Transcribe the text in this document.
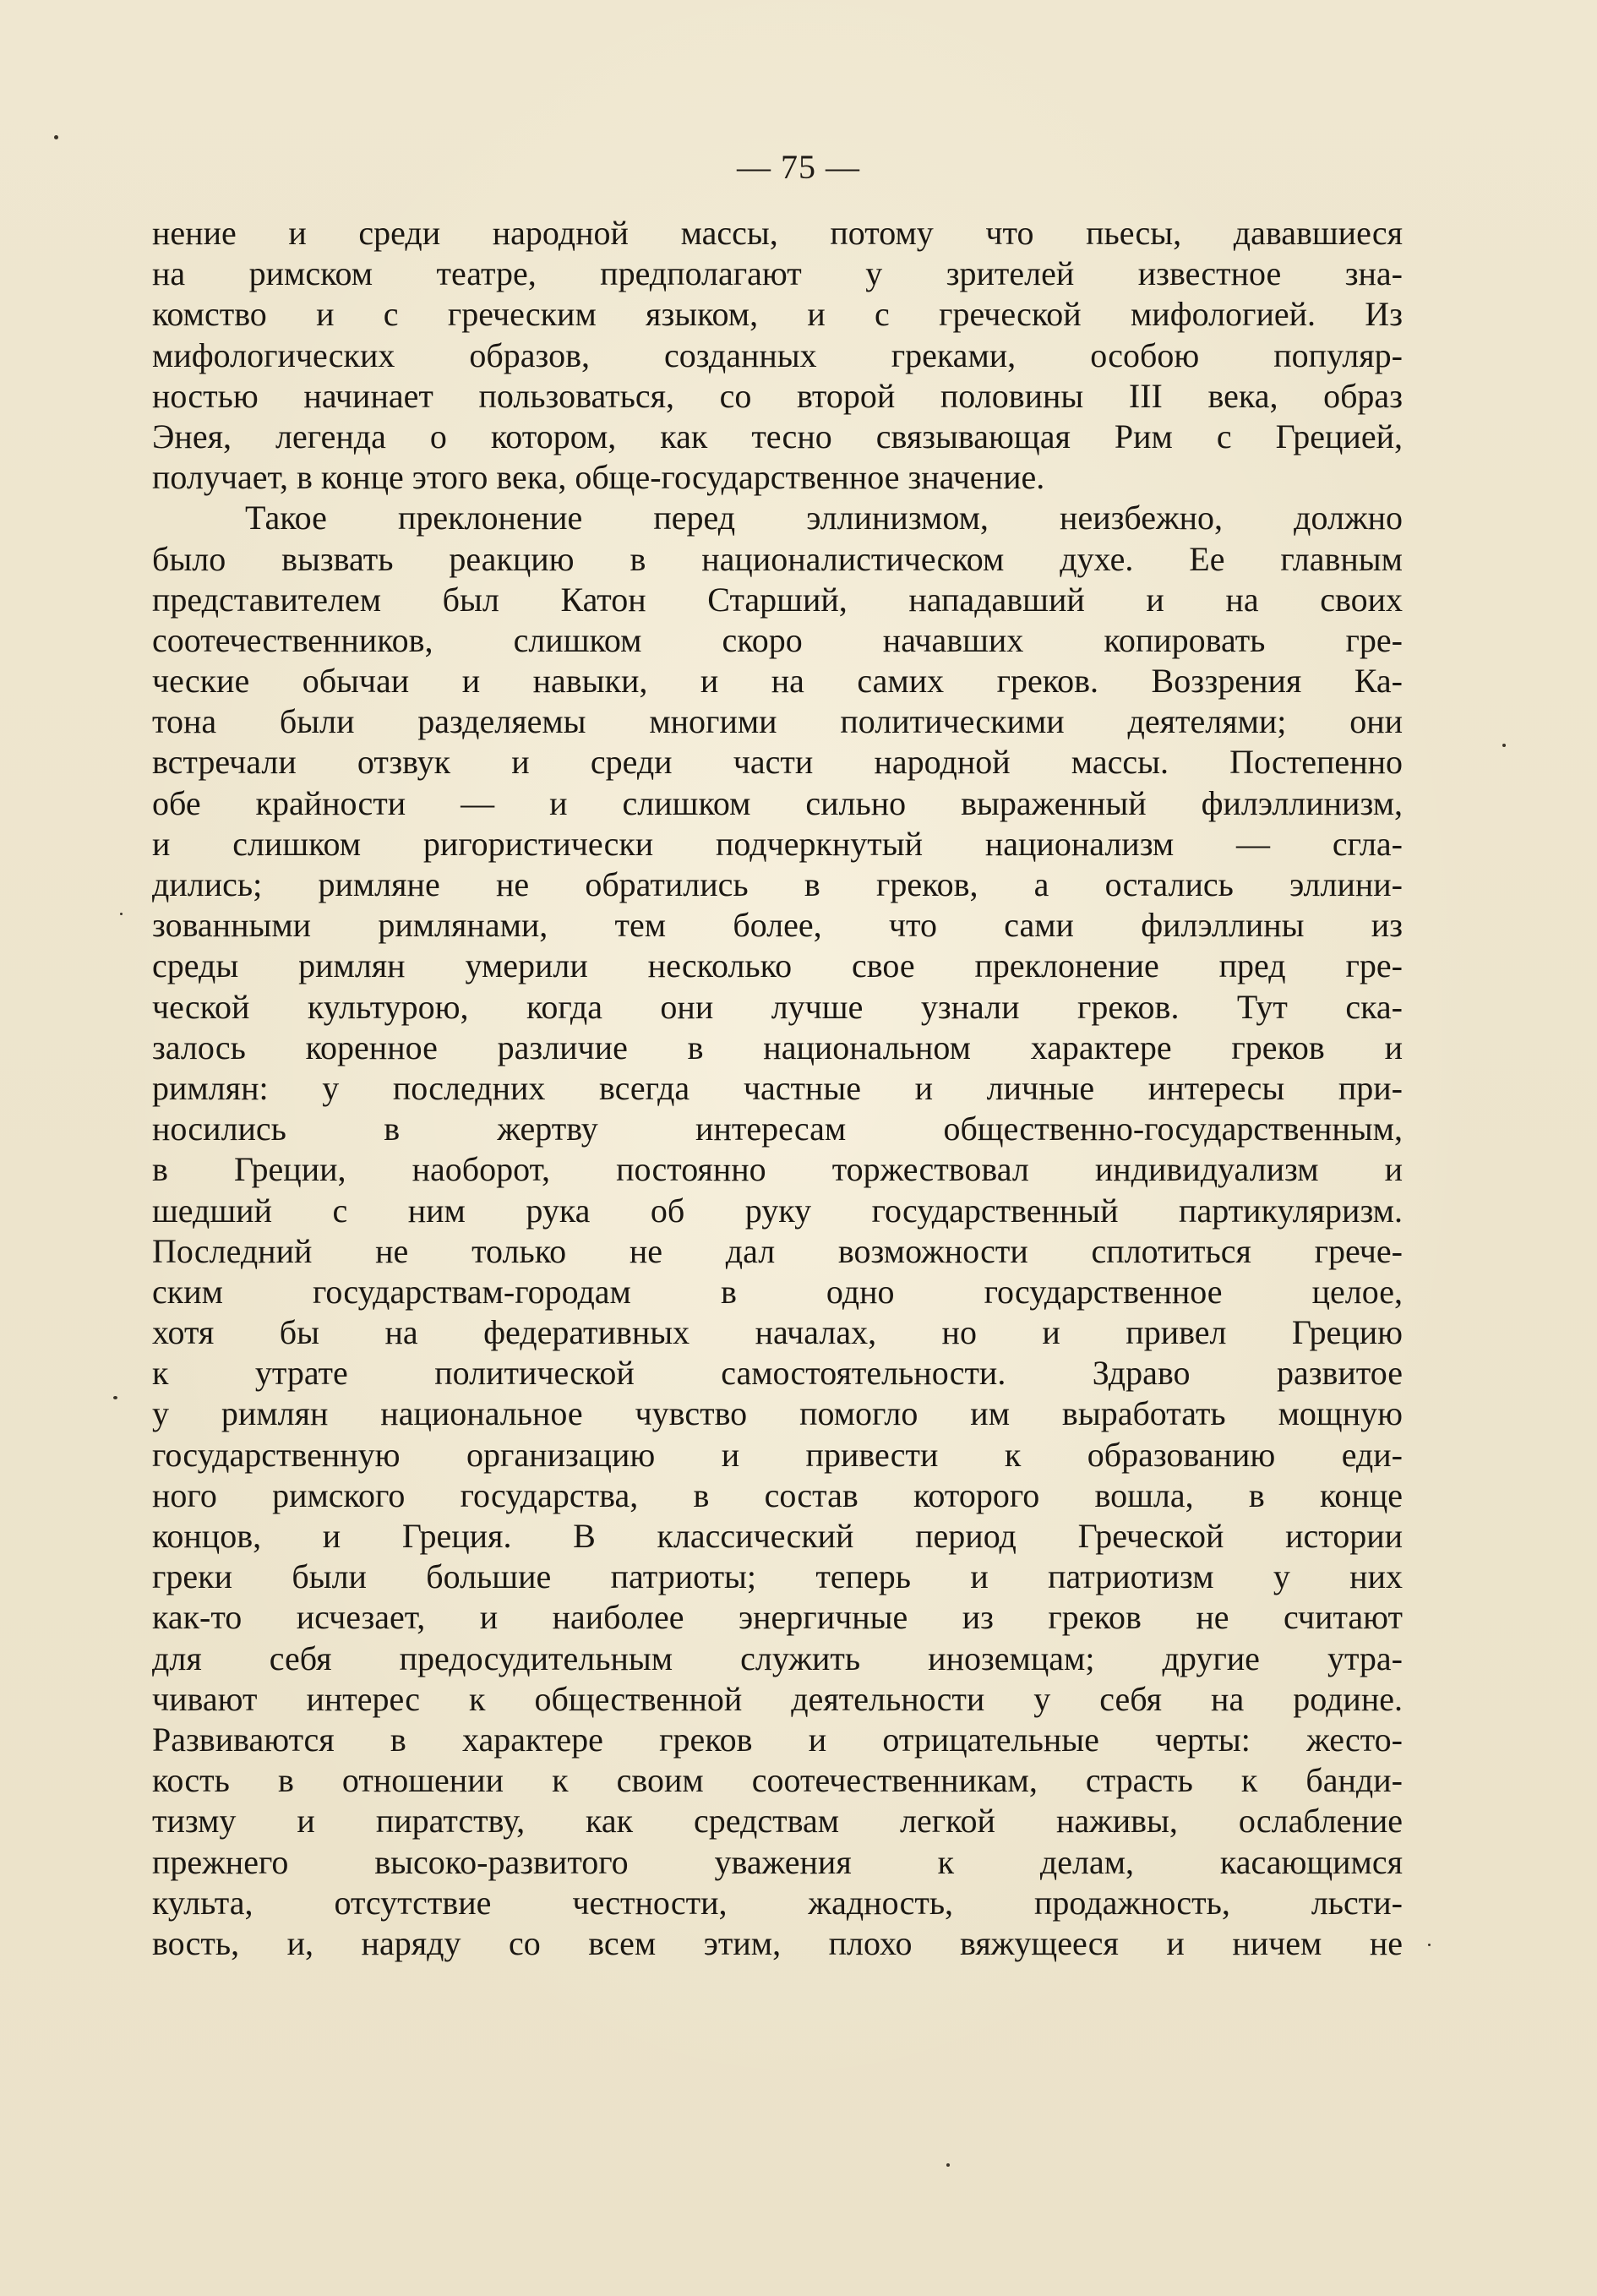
— 75 —
нение и среди народной массы, потому что пьесы, дававшиеся
на римском театре, предполагают у зрителей известное зна-
комство и с греческим языком, и с греческой мифологией. Из
мифологических образов, созданных греками, особою популяр-
ностью начинает пользоваться, со второй половины III века, образ
Энея, легенда о котором, как тесно связывающая Рим с Грецией,
получает, в конце этого века, обще-государственное значение.
Такое преклонение перед эллинизмом, неизбежно, должно
было вызвать реакцию в националистическом духе. Ее главным
представителем был Катон Старший, нападавший и на своих
соотечественников, слишком скоро начавших копировать гре-
ческие обычаи и навыки, и на самих греков. Воззрения Ка-
тона были разделяемы многими политическими деятелями; они
встречали отзвук и среди части народной массы. Постепенно
обе крайности — и слишком сильно выраженный филэллинизм,
и слишком ригористически подчеркнутый национализм — сгла-
дились; римляне не обратились в греков, а остались эллини-
зованными римлянами, тем более, что сами филэллины из
среды римлян умерили несколько свое преклонение пред гре-
ческой культурою, когда они лучше узнали греков. Тут ска-
залось коренное различие в национальном характере греков и
римлян: у последних всегда частные и личные интересы при-
носились в жертву интересам общественно-государственным,
в Греции, наоборот, постоянно торжествовал индивидуализм и
шедший с ним рука об руку государственный партикуляризм.
Последний не только не дал возможности сплотиться грече-
ским государствам-городам в одно государственное целое,
хотя бы на федеративных началах, но и привел Грецию
к утрате политической самостоятельности. Здраво развитое
у римлян национальное чувство помогло им выработать мощную
государственную организацию и привести к образованию еди-
ного римского государства, в состав которого вошла, в конце
концов, и Греция. В классический период Греческой истории
греки были большие патриоты; теперь и патриотизм у них
как-то исчезает, и наиболее энергичные из греков не считают
для себя предосудительным служить иноземцам; другие утра-
чивают интерес к общественной деятельности у себя на родине.
Развиваются в характере греков и отрицательные черты: жесто-
кость в отношении к своим соотечественникам, страсть к банди-
тизму и пиратству, как средствам легкой наживы, ослабление
прежнего высоко-развитого уважения к делам, касающимся
культа, отсутствие честности, жадность, продажность, льсти-
вость, и, наряду со всем этим, плохо вяжущееся и ничем не
